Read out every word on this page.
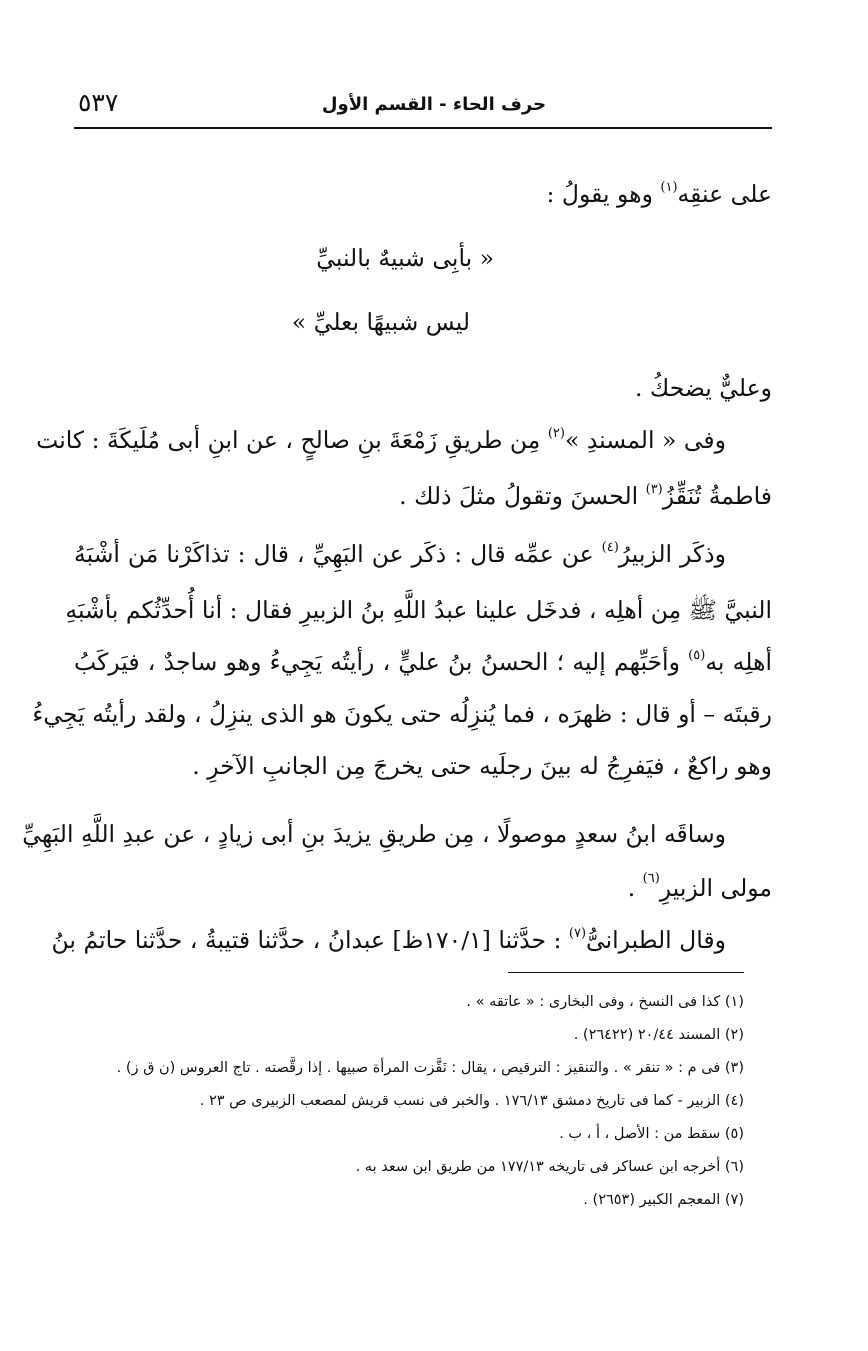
٥٣٧	حرف الحاء - القسم الأول
على عنقِه$^{(١)}$ وهو يقولُ :
« بأبِى شبيهٌ بالنبيِّ
ليس شبيهًا بعليِّ »
وعليٌّ يضحكُ .
وفى « المسندِ »$^{(٢)}$ مِن طريقِ زَمْعَةَ بنِ صالحٍ ، عن ابنِ أبى مُلَيكَةَ : كانت
فاطمةُ تُنَقِّزُ$^{(٣)}$ الحسنَ وتقولُ مثلَ ذلك .
وذكَر الزبيرُ$^{(٤)}$ عن عمِّه قال : ذكَر عن البَهِيِّ ، قال : تذاكَرْنا مَن أشْبَهُ
النبيَّ ﷺ مِن أهلِه ، فدخَل علينا عبدُ اللَّهِ بنُ الزبيرِ فقال : أنا أُحدِّثُكم بأشْبَهِ
أهلِه به$^{(٥)}$ وأحَبِّهم إليه ؛ الحسنُ بنُ عليٍّ ، رأيتُه يَجِيءُ وهو ساجدٌ ، فيَركَبُ
رقبتَه – أو قال : ظهرَه ، فما يُنزِلُه حتى يكونَ هو الذى ينزِلُ ، ولقد رأيتُه يَجِيءُ
وهو راكعٌ ، فيَفرِجُ له بينَ رجلَيه حتى يخرجَ مِن الجانبِ الآخرِ .
وساقَه ابنُ سعدٍ موصولًا ، مِن طريقِ يزيدَ بنِ أبى زيادٍ ، عن عبدِ اللَّهِ البَهِيِّ
مولى الزبيرِ(٦) .
وقال الطبرانىُّ$^{(٧)}$ : حدَّثنا [١٧٠/١ظ] عبدانُ ، حدَّثنا قتيبةُ ، حدَّثنا حاتمُ بنُ
(١) كذا فى النسخ ، وفى البخارى : « عاتقه » .
(٢) المسند ٢٠/٤٤ (٢٦٤٢٢) .
(٣) فى م : « تنقر » . والتنقيز : الترقيص ، يقال : نَقَّزت المرأة صبيها . إذا رقَّصته . تاج العروس (ن ق ز) .
(٤) الزبير - كما فى تاريخ دمشق ١٧٦/١٣ . والخبر فى نسب قريش لمصعب الزبيرى ص ٢٣ .
(٥) سقط من : الأصل ، أ ، ب .
(٦) أخرجه ابن عساكر فى تاريخه ١٧٧/١٣ من طريق ابن سعد به .
(٧) المعجم الكبير (٢٦٥٣) .
